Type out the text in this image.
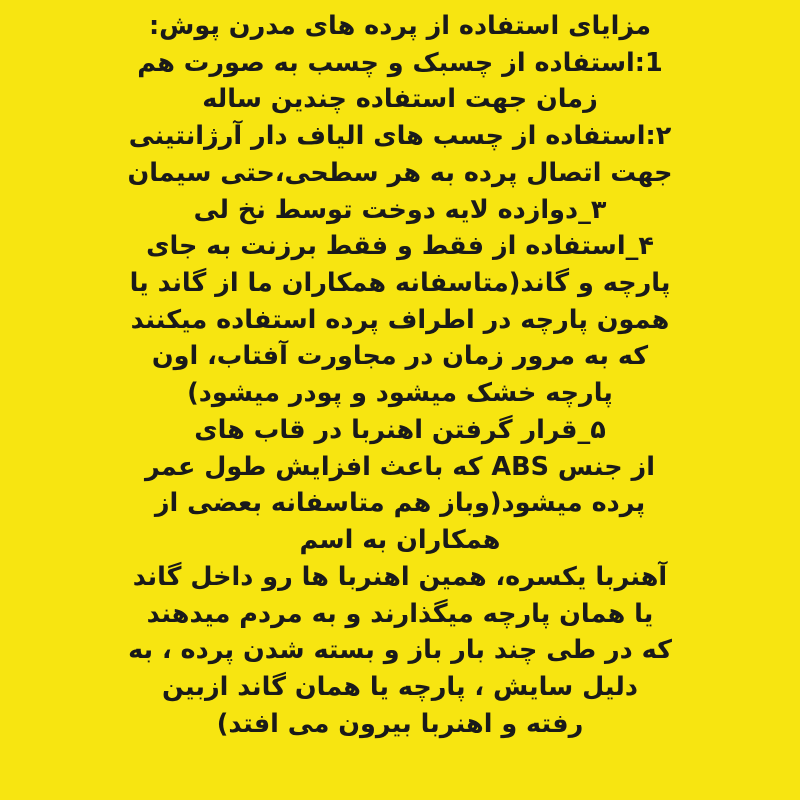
مزایای استفاده از پرده های مدرن پوش:
1:استفاده از چسبک و چسب به صورت هم
زمان جهت استفاده چندین ساله
۲:استفاده از چسب های الیاف دار آرژانتینی
جهت اتصال پرده به هر سطحی،حتی سیمان
۳_دوازده لایه دوخت توسط نخ لی
۴_استفاده از فقط و فقط برزنت به جای
پارچه و گاند(متاسفانه همکاران ما از گاند یا
همون پارچه در اطراف پرده استفاده میکنند
که به مرور زمان در مجاورت آفتاب، اون
پارچه خشک میشود و پودر میشود)
۵_قرار گرفتن اهنربا در قاب های
از جنس ABS که باعث افزایش طول عمر
پرده میشود(وباز هم متاسفانه بعضی از
همکاران به اسم
آهنربا یکسره، همین اهنربا ها رو داخل گاند
یا همان پارچه میگذارند و به مردم میدهند
که در طی چند بار باز و بسته شدن پرده ، به
دلیل سایش ، پارچه یا همان گاند ازبین
رفته و اهنربا بیرون می افتد)
